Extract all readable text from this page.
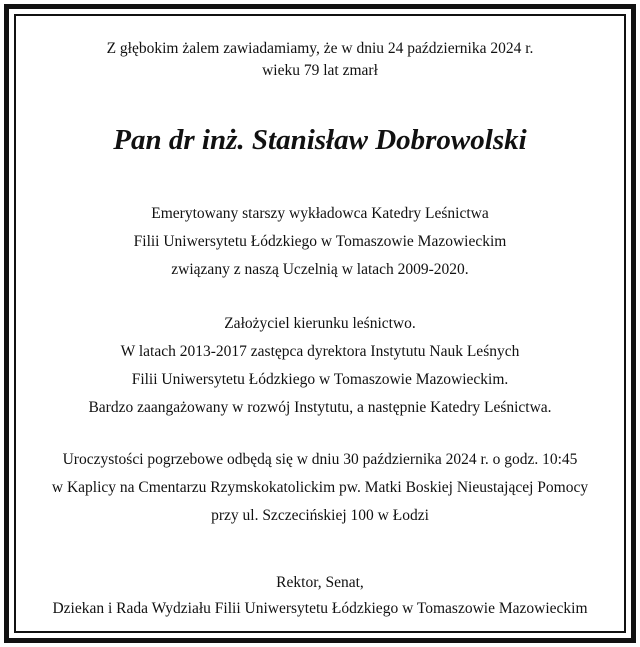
Z głębokim żalem zawiadamiamy, że w dniu 24 października 2024 r.
wieku 79 lat zmarł
Pan dr inż. Stanisław Dobrowolski
Emerytowany starszy wykładowca Katedry Leśnictwa
Filii Uniwersytetu Łódzkiego w Tomaszowie Mazowieckim
związany z naszą Uczelnią w latach 2009-2020.
Założyciel kierunku leśnictwo.
W latach 2013-2017 zastępca dyrektora Instytutu Nauk Leśnych
Filii Uniwersytetu Łódzkiego w Tomaszowie Mazowieckim.
Bardzo zaangażowany w rozwój Instytutu, a następnie Katedry Leśnictwa.
Uroczystości pogrzebowe odbędą się w dniu 30 października 2024 r. o godz. 10:45
w Kaplicy na Cmentarzu Rzymskokatolickim pw. Matki Boskiej Nieustającej Pomocy
przy ul. Szczecińskiej 100 w Łodzi
Rektor, Senat,
Dziekan i Rada Wydziału Filii Uniwersytetu Łódzkiego w Tomaszowie Mazowieckim
